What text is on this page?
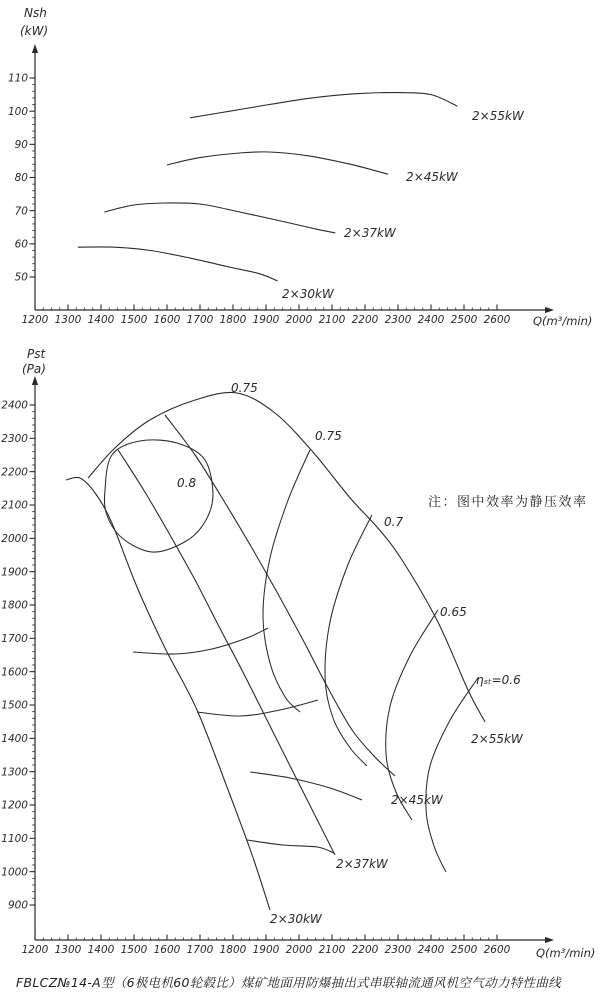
1200 1300 1400 1500 1600 1700 1800 1900 2000 2100 2200 2300 2400 2500 2600
50
60
70
80
90
100
110
Nsh
(kW)
Q(m³/min)
2×55kW
2×45kW
2×37kW
2×30kW
1200 1300 1400 1500 1600 1700 1800 1900 2000 2100 2200 2300 2400 2500 2600
900
1000
1100
1200
1300
1400
1500
1600
1700
1800
1900
2000
2100
2200
2300
2400
Pst
(Pa)
Q(m³/min)
注：图中效率为静压效率
2×30kW
2×37kW
2×45kW
2×55kW
0.75
0.75
0.8
0.7
0.65
ηₛₜ=0.6
FBLCZ№14-A型（6极电机60轮毂比）煤矿地面用防爆抽出式串联轴流通风机空气动力特性曲线
